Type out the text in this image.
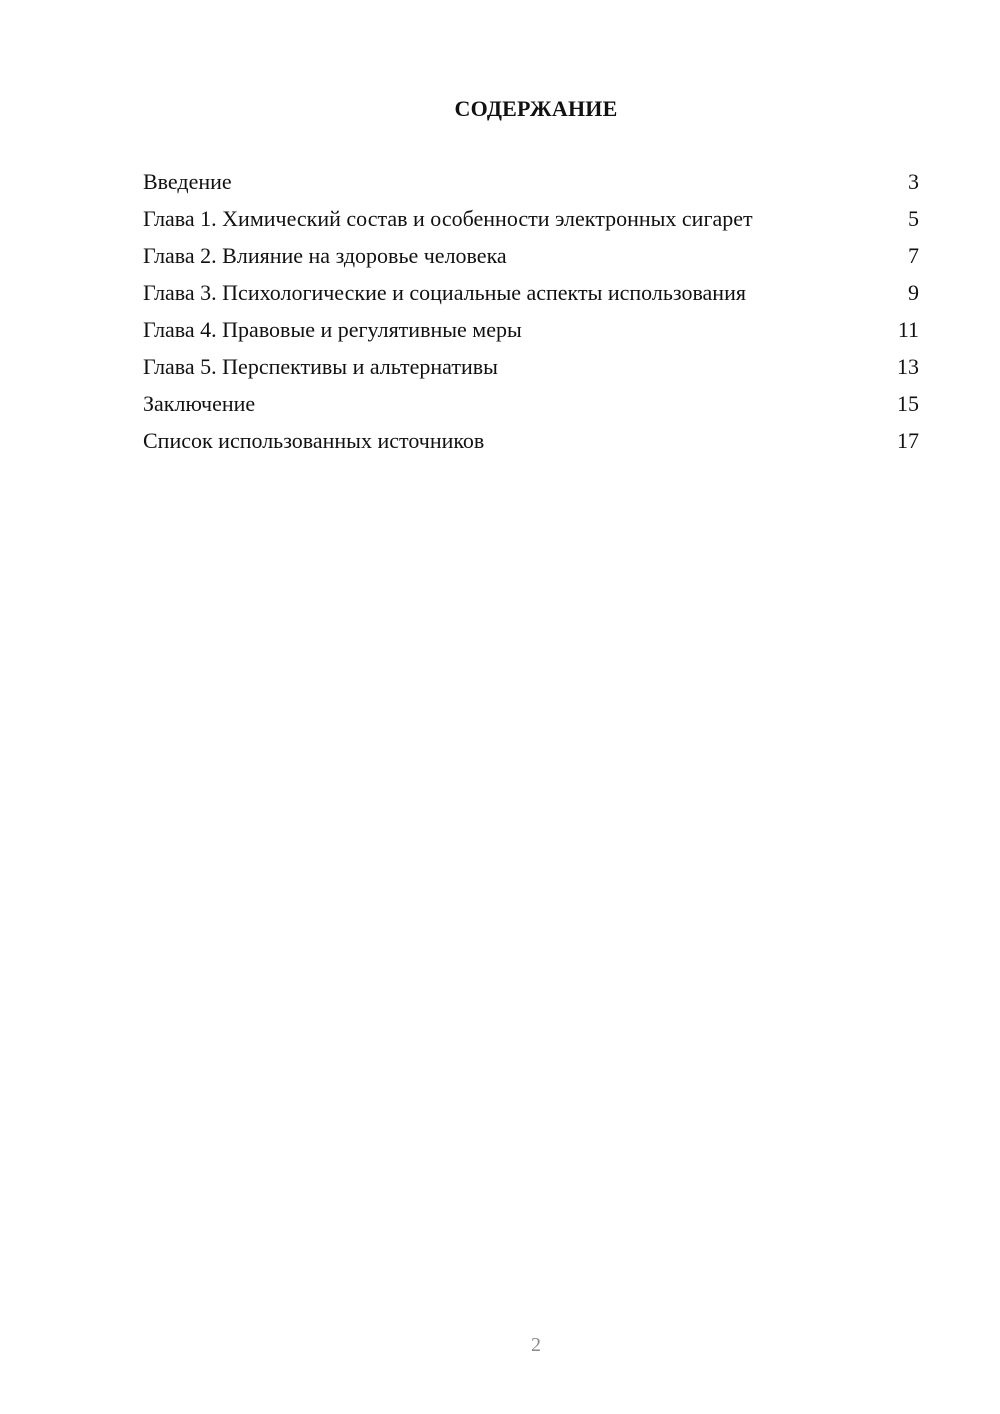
СОДЕРЖАНИЕ
Введение	3
Глава 1. Химический состав и особенности электронных сигарет	5
Глава 2. Влияние на здоровье человека	7
Глава 3. Психологические и социальные аспекты использования	9
Глава 4. Правовые и регулятивные меры	11
Глава 5. Перспективы и альтернативы	13
Заключение	15
Список использованных источников	17
2
